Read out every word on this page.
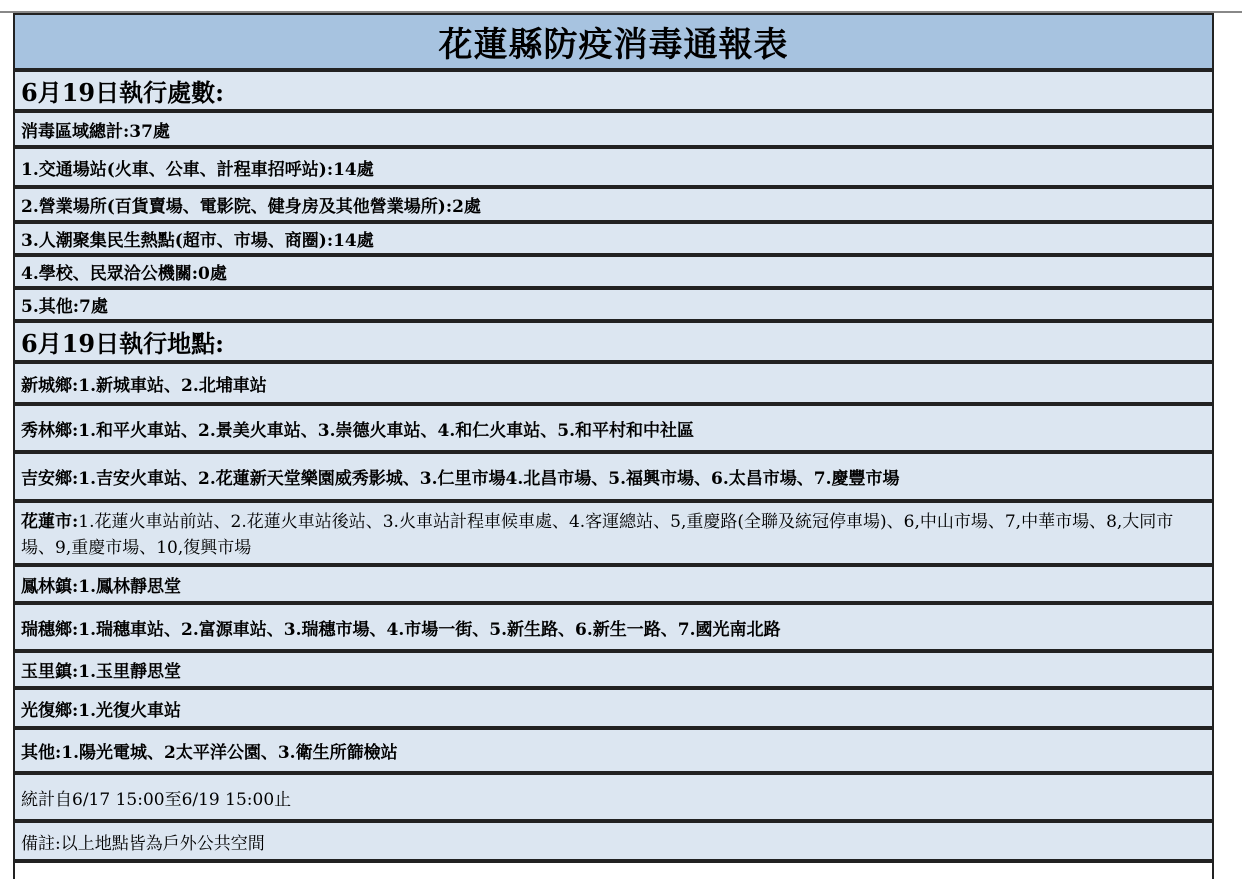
花蓮縣防疫消毒通報表
6月19日執行處數:
消毒區域總計:37處
1.交通場站(火車、公車、計程車招呼站):14處
2.營業場所(百貨賣場、電影院、健身房及其他營業場所):2處
3.人潮聚集民生熱點(超市、市場、商圈):14處
4.學校、民眾洽公機關:0處
5.其他:7處
6月19日執行地點:
新城鄉:1.新城車站、2.北埔車站
秀林鄉:1.和平火車站、2.景美火車站、3.崇德火車站、4.和仁火車站、5.和平村和中社區
吉安鄉:1.吉安火車站、2.花蓮新天堂樂園威秀影城、3.仁里市場4.北昌市場、5.福興市場、6.太昌市場、7.慶豐市場
花蓮市:1.花蓮火車站前站、2.花蓮火車站後站、3.火車站計程車候車處、4.客運總站、5,重慶路(全聯及統冠停車場)、6,中山市場、7,中華市場、8,大同市場、9,重慶市場、10,復興市場
鳳林鎮:1.鳳林靜思堂
瑞穗鄉:1.瑞穗車站、2.富源車站、3.瑞穗市場、4.市場一街、5.新生路、6.新生一路、7.國光南北路
玉里鎮:1.玉里靜思堂
光復鄉:1.光復火車站
其他:1.陽光電城、2太平洋公園、3.衛生所篩檢站
統計自6/17 15:00至6/19 15:00止
備註:以上地點皆為戶外公共空間
